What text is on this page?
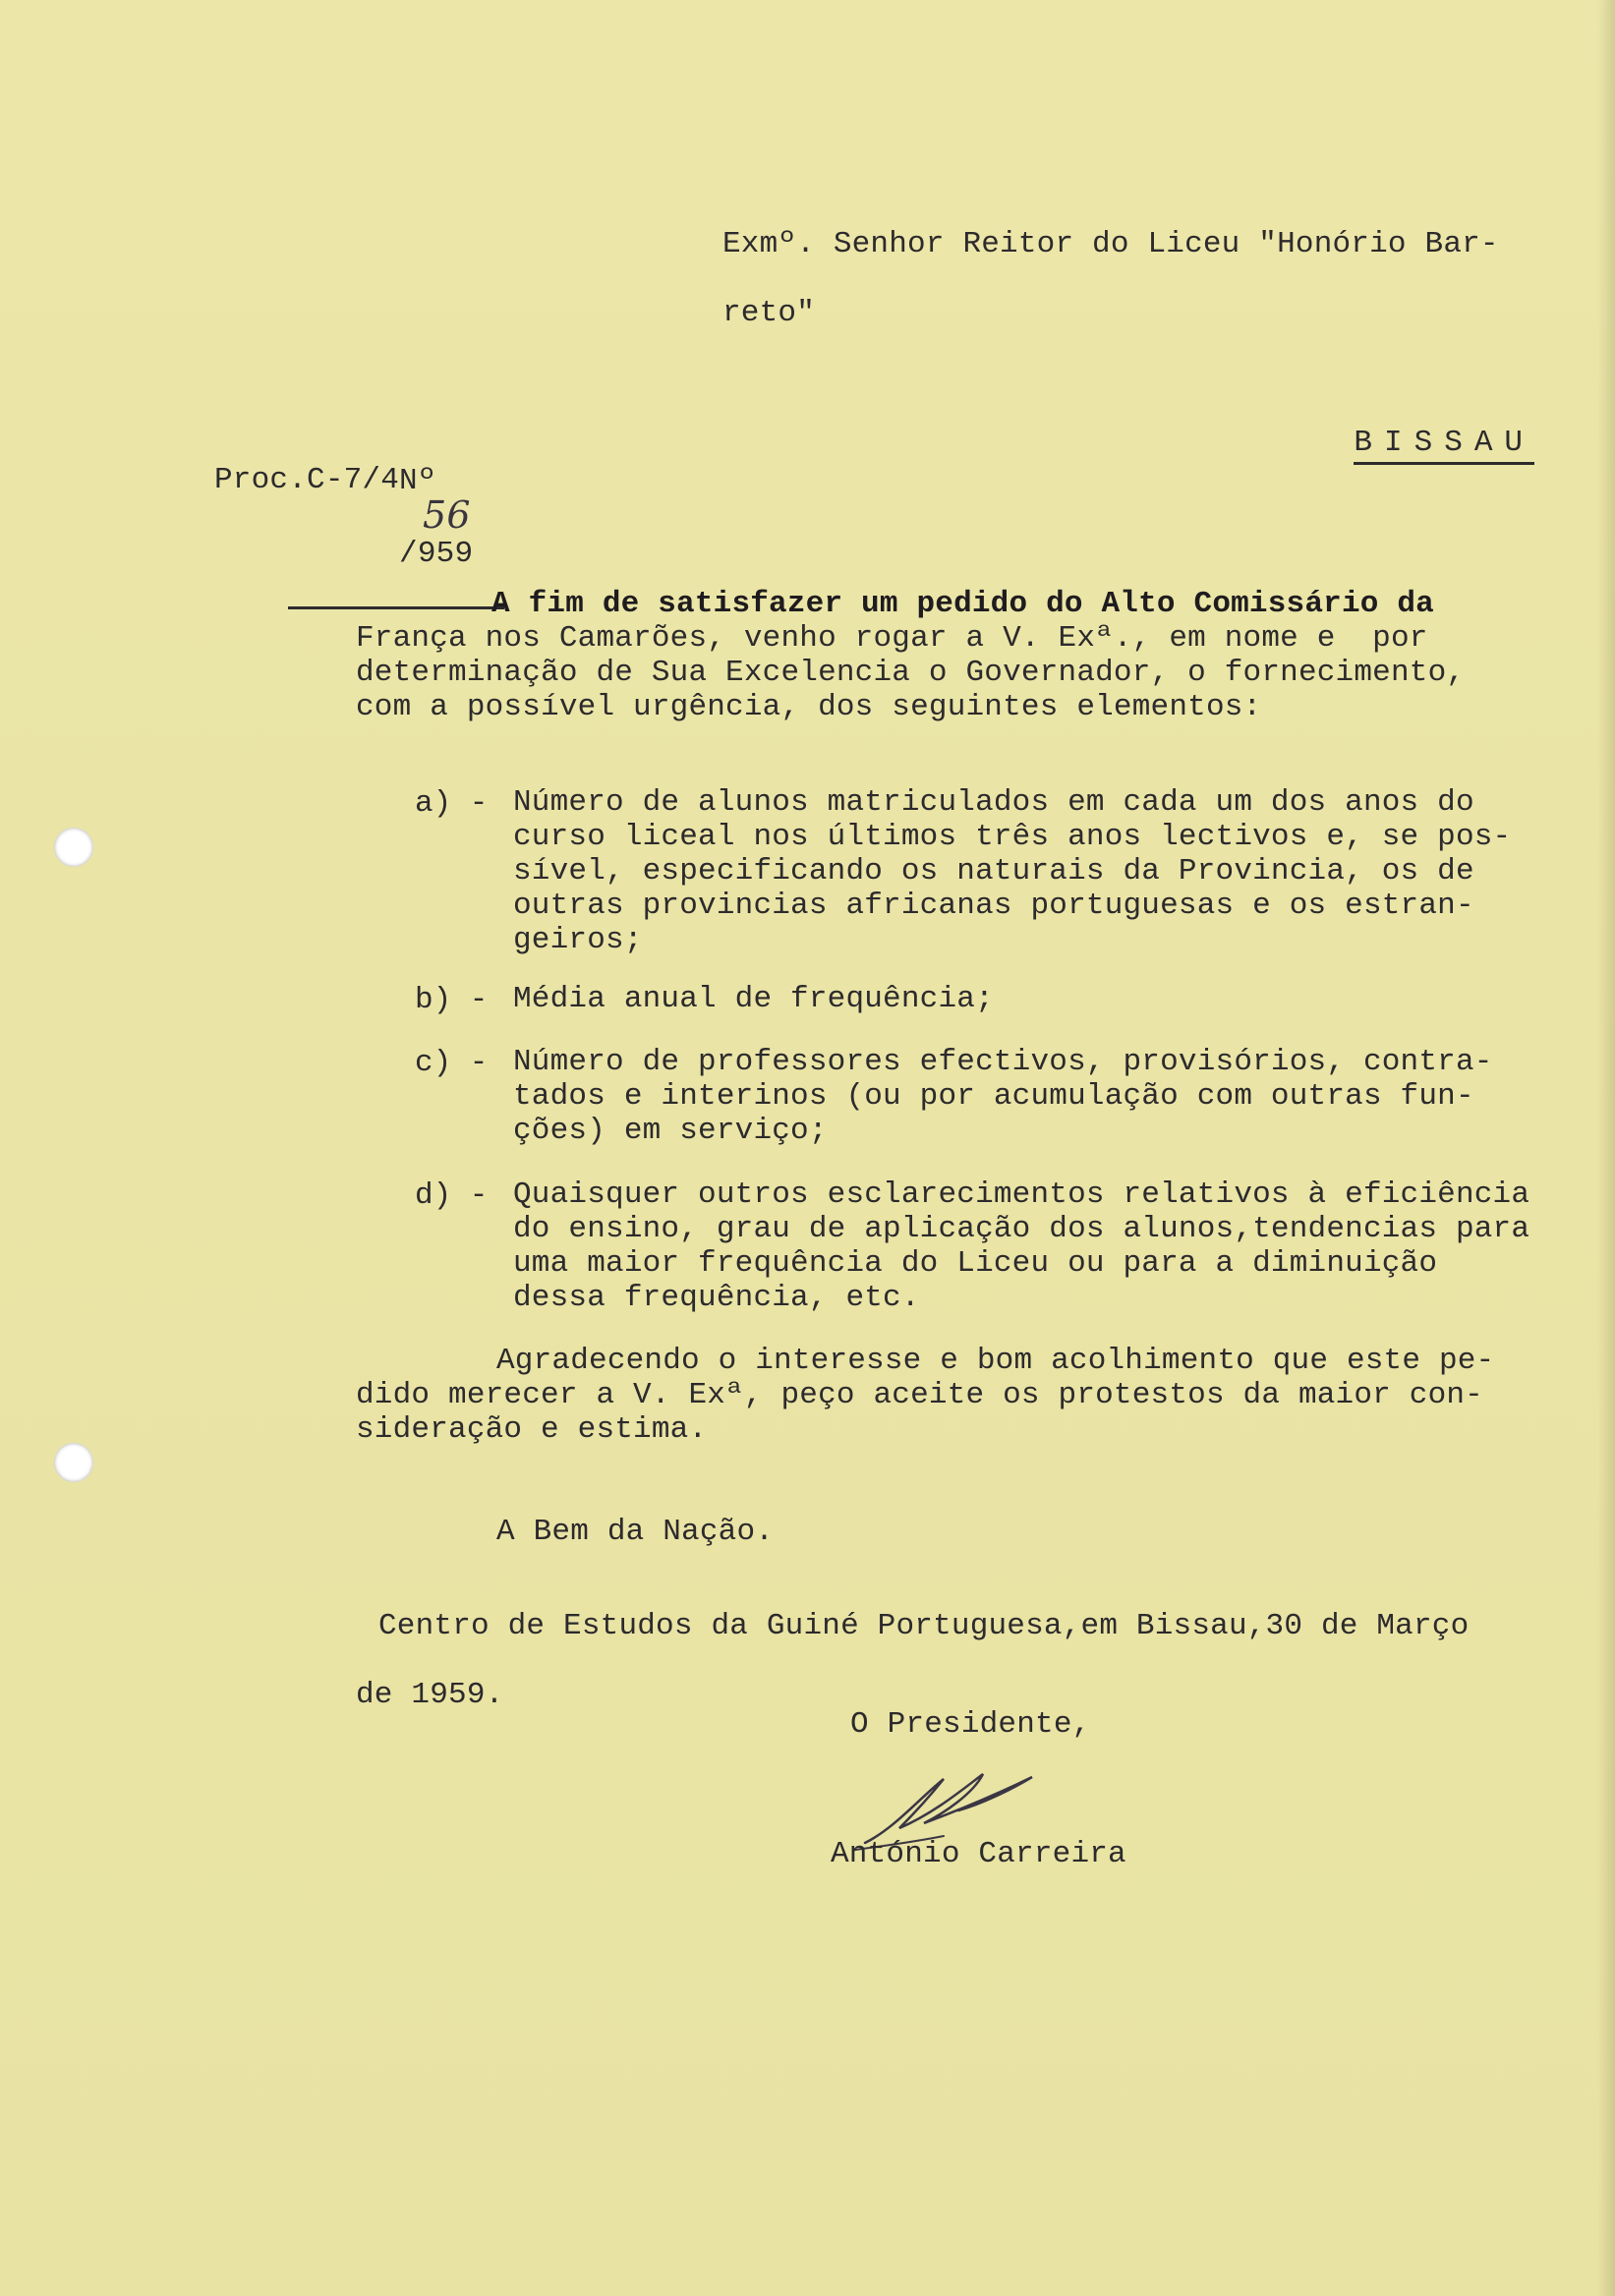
Exmº. Senhor Reitor do Liceu "Honório Bar-
reto"

Nº
56
/959

BISSAU

Proc.C-7/4
A fim de satisfazer um pedido do Alto Comissário da
França nos Camarões, venho rogar a V. Exª., em nome e  por
determinação de Sua Excelencia o Governador, o fornecimento,
com a possível urgência, dos seguintes elementos:
a) - Número de alunos matriculados em cada um dos anos do
curso liceal nos últimos três anos lectivos e, se pos-
sível, especificando os naturais da Provincia, os de
outras provincias africanas portuguesas e os estran-
geiros;
b) - Média anual de frequência;
c) - Número de professores efectivos, provisórios, contra-
tados e interinos (ou por acumulação com outras fun-
ções) em serviço;
d) - Quaisquer outros esclarecimentos relativos à eficiência
do ensino, grau de aplicação dos alunos,tendencias para
uma maior frequência do Liceu ou para a diminuição
dessa frequência, etc.
Agradecendo o interesse e bom acolhimento que este pe-
dido merecer a V. Exª, peço aceite os protestos da maior con-
sideração e estima.
A Bem da Nação.
Centro de Estudos da Guiné Portuguesa,em Bissau,30 de Março
de 1959.
O Presidente,
António Carreira
